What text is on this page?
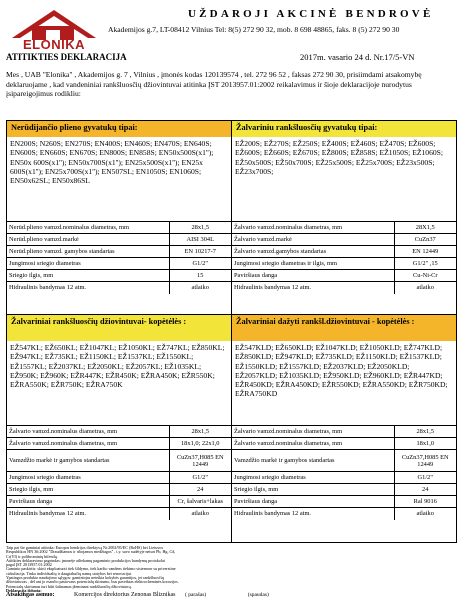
ELONIKA
UŽDAROJI AKCINĖ BENDROVĖ
Akademijos g.7, LT-08412 Vilnius Tel: 8(5) 272 90 32, mob. 8 698 48865, faks. 8 (5) 272 90 30
ATITIKTIES DEKLARACIJA	2017m. vasario 24 d. Nr.17/5-VN
Mes , UAB "Elonika" , Akademijos g. 7 , Vilnius , įmonės kodas 120139574 , tel. 272 96 52 , faksas 272 90 30, prisiimdami atsakomybę deklaruojame , kad vandeniniai rankšluosčių džiovintuvai atitinka ĮST 2013957.01:2002 reikalavimus ir šioje deklaracijoje nurodytus įsipareigojimus rodikliu:
Nerūdijančio plieno gyvatukų tipai:
EN200S; N260S; EN270S; EN400S; EN460S; EN470S; EN640S; EN600S; EN660S; EN670S; EN800S; EN858S; EN50x500S(x1''); EN50x 600S(x1''); EN50x700S(x1''); EN25x500S(x1''); EN25x 600S(x1''); EN25x700S(x1''); EN507SL; EN1050S; EN1060S; EN50x62SL; EN50x86SL
Nerūd.plieno vamzd.nominalus diametras, mm	28x1,5
Nerūd.plieno vamzd.markė	AISI 304L
Nerūd.plieno vamzd. gamybos standartas	EN 10217-7
Jungimosi sriegio diametras	G1/2"
Sriegio ilgis, mm	15
Hidraulinis bandymas 12 atm.	atlaiko
Žalvariniu rankšluosčių gyvatukų tipai:
EŽ200S; EŽ270S; EŽ250S; EŽ400S; EŽ460S; EŽ470S; EŽ600S; EŽ600S; EŽ660S; EŽ670S; EŽ800S; EŽ858S; EŽ1050S; EŽ1060S; EŽ50x500S; EŽ50x700S; EŽ25x500S; EŽ25x700S; EŽ23x500S; EŽ23x700S;
Žalvario vamzd.nominalus diametras, mm	28X1,5
Žalvario vamzd.markė	CuZn37
Žalvario vamzd.gamybos standartas	EN 12449
Jungimosi sriegio diametras ir ilgis, mm	G1/2" ,15
Paviršiaus danga	Cu-Ni-Cr
Hidraulinis bandymas 12 atm.	atlaiko
Žalvariniai rankšluosčių džiovintuvai- kopėtėlės :
EŽ547KL; EŽ650KL; EŽ1047KL; EŽ1050KL; EŽ747KL; EŽ850KL; EŽ947KL; EŽ735KL; EŽ1150KL; EŽ1537KL; EŽ1550KL; EŽ1557KL; EŽ2037KL; EŽ2050KL; EŽ2057KL; EŽ1035KL; EŽ950K; EŽ960K; EŽR447K; EŽR450K; EŽRA450K; EŽR550K; EŽRA550K; EŽR750K; EŽRA750K
Žalvario vamzd.nominalus diametras, mm	28x1,5
Žalvario vamzd.nominalus diametras, mm	18x1,0; 22x1,0
Vamzdžio markė ir gamybos standartas	CuZn37,H085 EN 12449
Jungimosi sriegio diametras	G1/2"
Sriegio ilgis, mm	24
Paviršiaus danga	Cr, šalvaris+lakas
Hidraulinis bandymas 12 atm.	atlaiko
Žalvariniai dažyti rankšl.džiovintuvai - kopėtėlės :
EŽ547KLD; EŽ650KLD; EŽ1047KLD; EŽ1050KLD; EŽ747KLD; EŽ850KLD; EŽ947KLD; EŽ735KLD; EŽ1150KLD; EŽ1537KLD; EŽ1550KLD; EŽ1557KLD; EŽ2037KLD; EŽ2050KLD; EŽ2057KLD; EŽ1035KLD; EŽ950KLD; EŽ960KLD; EŽR447KD; EŽR450KD; EŽRA450KD; EŽR550KD; EŽRA550KD; EŽR750KD; EŽRA750KD
Žalvario vamzd.nominalus diametras, mm	28x1,5
Žalvario vamzd.nominalus diametras, mm	18x1,0
Vamzdžio markė ir gamybos standartas	CuZn37,H085 EN 12449
Jungimosi sriegio diametras	G1/2"
Sriegio ilgis, mm	24
Paviršiaus danga	Ral 9016
Hidraulinis bandymas 12 atm.	atlaiko
Taip pat šie gaminiai atitinka: Europos bendrijos direktyvą Nr.2002/95/EC (RoHS) bei Lietuvos
Respublikos HN 36:2002 "Draudžiamos ir ribojamos medžiagos" , t.y. savo sudėtyje neturi Pb, Hg, Cd,
Cr(VI) ir polibrominių bifenilų.
Atitikties deklaravimo pagrindas: įmonėje atliekamų pagaminto produkcijos bandymų protokolai
pagal ĮST 2013957.01:2002
Gaminio paskirtis: skirti eksploatuoti tiek šildymo, tiek karšto vandens tiekimo sistemose su priverstine
cirkuliacija. Tinka individualių ir daugiabučių namų statybos bei renovacijai.
Ypatingos produkto naudojimo sąlygos: gamintojas neteikia kokybės garantijos, jei rankšluosčių
džiovintuvas , dėl ant jo esančio pastovaus potencialų skirtumo, bus paveiktas elektrocheminės korozijos.
Potencialų skirtumas turi būti šalinamas įžeminant rankšluosčių džiovintuvą.
Deklaracija išduota:
Atsakingas asmuo:	Komercijos direktorius Zenonas Bliznikas ( parašas)	(spaudas)
